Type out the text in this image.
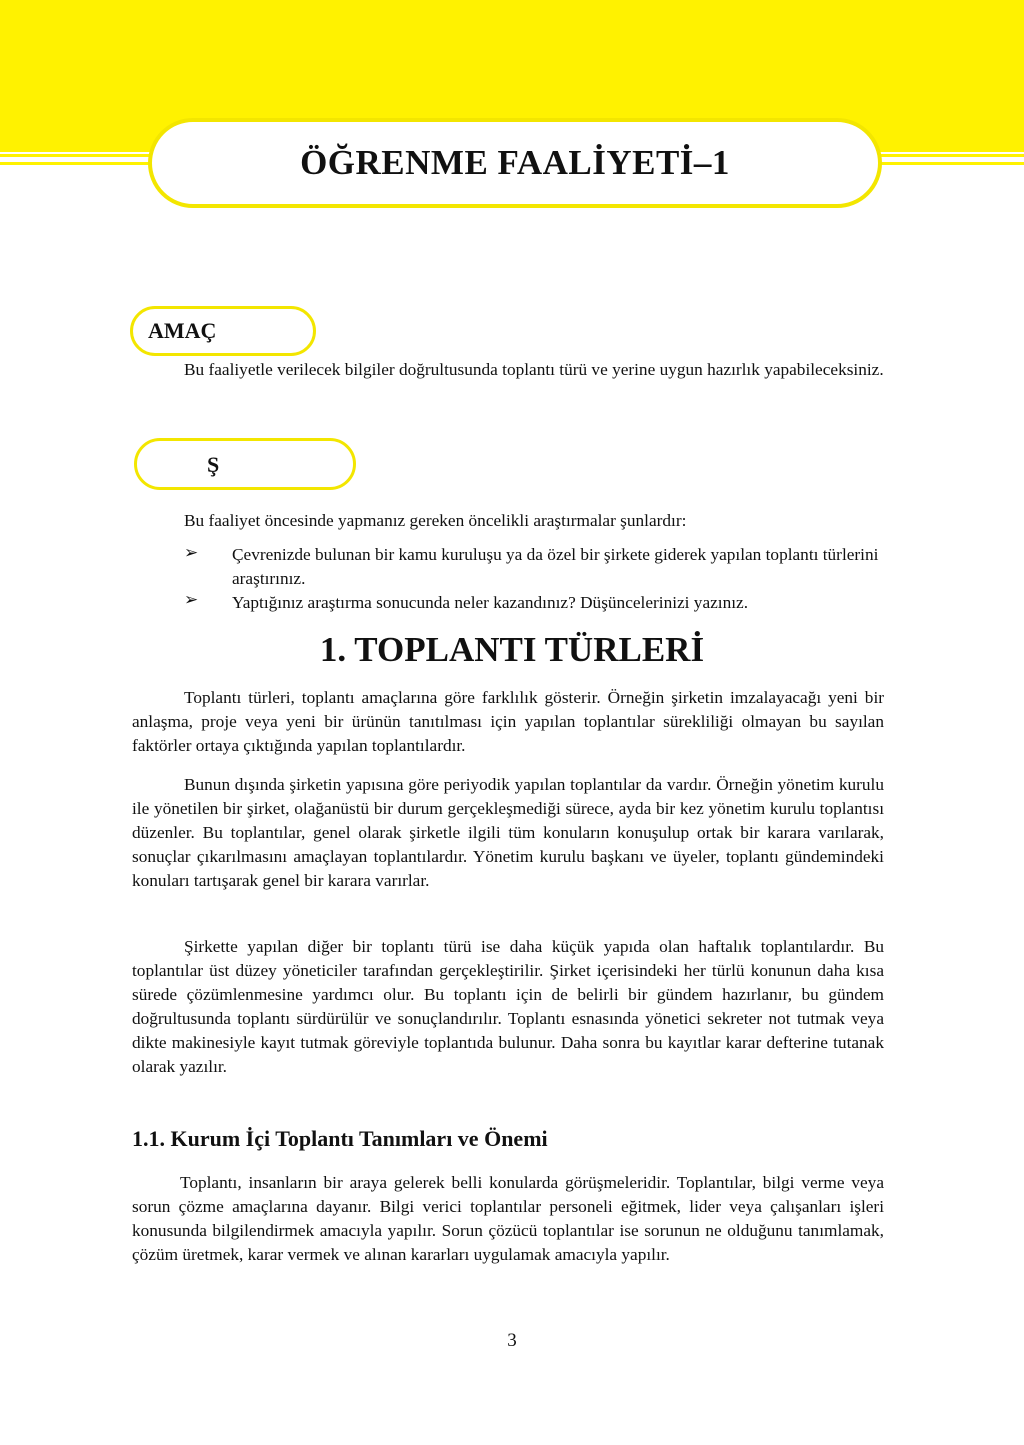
ÖĞRENME FAALİYETİ–1
AMAÇ

Bu faaliyetle verilecek bilgiler doğrultusunda toplantı türü ve yerine uygun hazırlık yapabileceksiniz.

Ş

Bu faaliyet öncesinde yapmanız gereken öncelikli araştırmalar şunlardır:

➢ Çevrenizde bulunan bir kamu kuruluşu ya da özel bir şirkete giderek yapılan toplantı türlerini araştırınız.

➢ Yaptığınız araştırma sonucunda neler kazandınız? Düşüncelerinizi yazınız.

1. TOPLANTI TÜRLERİ

Toplantı türleri, toplantı amaçlarına göre farklılık gösterir. Örneğin şirketin imzalayacağı yeni bir anlaşma, proje veya yeni bir ürünün tanıtılması için yapılan toplantılar sürekliliği olmayan bu sayılan faktörler ortaya çıktığında yapılan toplantılardır.

Bunun dışında şirketin yapısına göre periyodik yapılan toplantılar da vardır. Örneğin yönetim kurulu ile yönetilen bir şirket, olağanüstü bir durum gerçekleşmediği sürece, ayda bir kez yönetim kurulu toplantısı düzenler. Bu toplantılar, genel olarak şirketle ilgili tüm konuların konuşulup ortak bir karara varılarak, sonuçlar çıkarılmasını amaçlayan toplantılardır. Yönetim kurulu başkanı ve üyeler, toplantı gündemindeki konuları tartışarak genel bir karara varırlar.

Şirkette yapılan diğer bir toplantı türü ise daha küçük yapıda olan haftalık toplantılardır. Bu toplantılar üst düzey yöneticiler tarafından gerçekleştirilir. Şirket içerisindeki her türlü konunun daha kısa sürede çözümlenmesine yardımcı olur. Bu toplantı için de belirli bir gündem hazırlanır, bu gündem doğrultusunda toplantı sürdürülür ve sonuçlandırılır. Toplantı esnasında yönetici sekreter not tutmak veya dikte makinesiyle kayıt tutmak göreviyle toplantıda bulunur. Daha sonra bu kayıtlar karar defterine tutanak olarak yazılır.

1.1. Kurum İçi Toplantı Tanımları ve Önemi

Toplantı, insanların bir araya gelerek belli konularda görüşmeleridir. Toplantılar, bilgi verme veya sorun çözme amaçlarına dayanır. Bilgi verici toplantılar personeli eğitmek, lider veya çalışanları işleri konusunda bilgilendirmek amacıyla yapılır. Sorun çözücü toplantılar ise sorunun ne olduğunu tanımlamak, çözüm üretmek, karar vermek ve alınan kararları uygulamak amacıyla yapılır.

3
